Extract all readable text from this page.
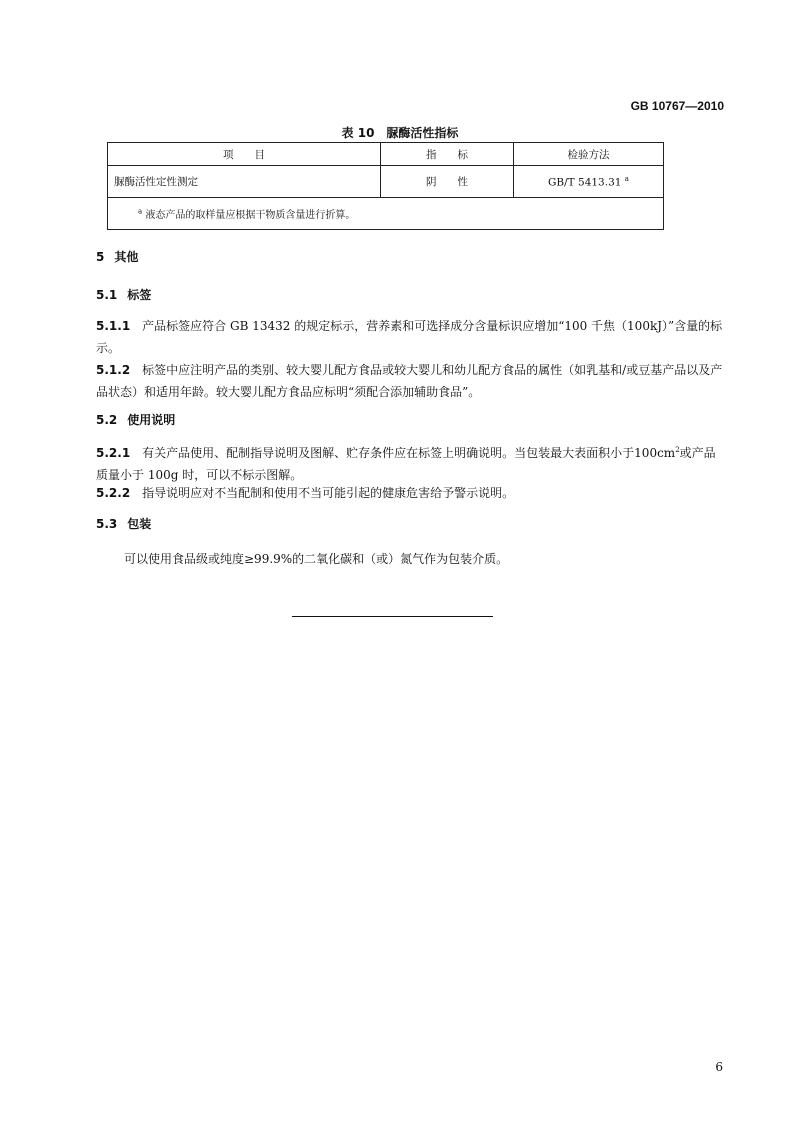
GB 10767—2010
表 10　脲酶活性指标
项　　目	指　　标	检验方法
脲酶活性定性测定	阴　　性	GB/T 5413.31 $^a$
$^a$ 液态产品的取样量应根据干物质含量进行折算。		
5 其他
5.1 标签
5.1.1 产品标签应符合 GB 13432 的规定标示，营养素和可选择成分含量标识应增加“100 千焦（100kJ）”含量的标示。
5.1.2 标签中应注明产品的类别、较大婴儿配方食品或较大婴儿和幼儿配方食品的属性（如乳基和/或豆基产品以及产品状态）和适用年龄。较大婴儿配方食品应标明“须配合添加辅助食品”。
5.2 使用说明
5.2.1 有关产品使用、配制指导说明及图解、贮存条件应在标签上明确说明。当包装最大表面积小于$100cm^2$或产品质量小于 100g 时，可以不标示图解。
5.2.2 指导说明应对不当配制和使用不当可能引起的健康危害给予警示说明。
5.3 包装
可以使用食品级或纯度≥99.9%的二氧化碳和（或）氮气作为包装介质。
6
